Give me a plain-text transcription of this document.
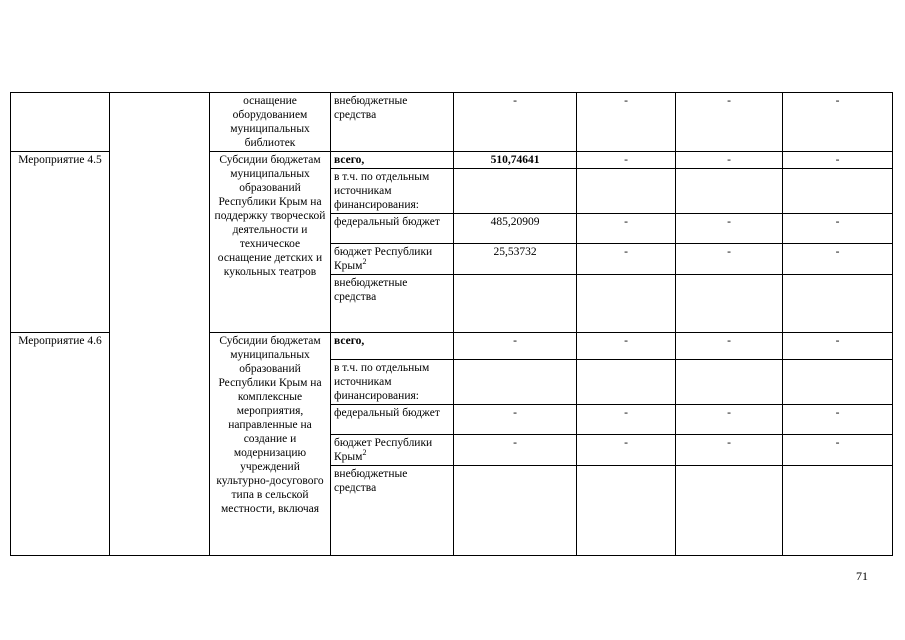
		оснащение оборудованием муниципальных библиотек	внебюджетные средства	-	-	-	-
Мероприятие 4.5		Субсидии бюджетам муниципальных образований Республики Крым на поддержку творческой деятельности и техническое оснащение детских и кукольных театров	всего,	510,74641	-	-	-
			в т.ч. по отдельным источникам финансирования:				
			федеральный бюджет	485,20909	-	-	-
			бюджет Республики Крым$^2$	25,53732	-	-	-
			внебюджетные средства				
Мероприятие 4.6		Субсидии бюджетам муниципальных образований Республики Крым на комплексные мероприятия, направленные на создание и модернизацию учреждений культурно-досугового типа в сельской местности, включая	всего,	-	-	-	-
			в т.ч. по отдельным источникам финансирования:				
			федеральный бюджет	-	-	-	-
			бюджет Республики Крым$^2$	-	-	-	-
			внебюджетные средства				
71
